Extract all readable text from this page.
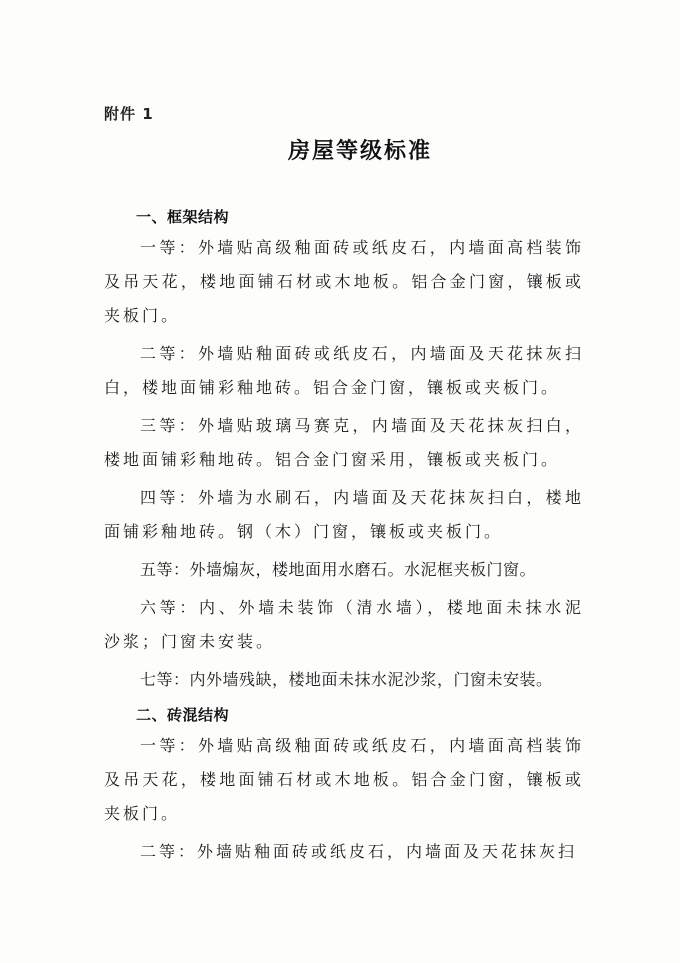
附件 1
房屋等级标准

一、框架结构

一等：外墙贴高级釉面砖或纸皮石，内墙面高档装饰及吊天花，楼地面铺石材或木地板。铝合金门窗，镶板或夹板门。

二等：外墙贴釉面砖或纸皮石，内墙面及天花抹灰扫白，楼地面铺彩釉地砖。铝合金门窗，镶板或夹板门。

三等：外墙贴玻璃马赛克，内墙面及天花抹灰扫白，楼地面铺彩釉地砖。铝合金门窗采用，镶板或夹板门。

四等：外墙为水刷石，内墙面及天花抹灰扫白，楼地面铺彩釉地砖。钢（木）门窗，镶板或夹板门。

五等：外墙煽灰，楼地面用水磨石。水泥框夹板门窗。

六等：内、外墙未装饰（清水墙），楼地面未抹水泥沙浆；门窗未安装。

七等：内外墙残缺，楼地面未抹水泥沙浆，门窗未安装。

二、砖混结构

一等：外墙贴高级釉面砖或纸皮石，内墙面高档装饰及吊天花，楼地面铺石材或木地板。铝合金门窗，镶板或夹板门。

二等：外墙贴釉面砖或纸皮石，内墙面及天花抹灰扫
